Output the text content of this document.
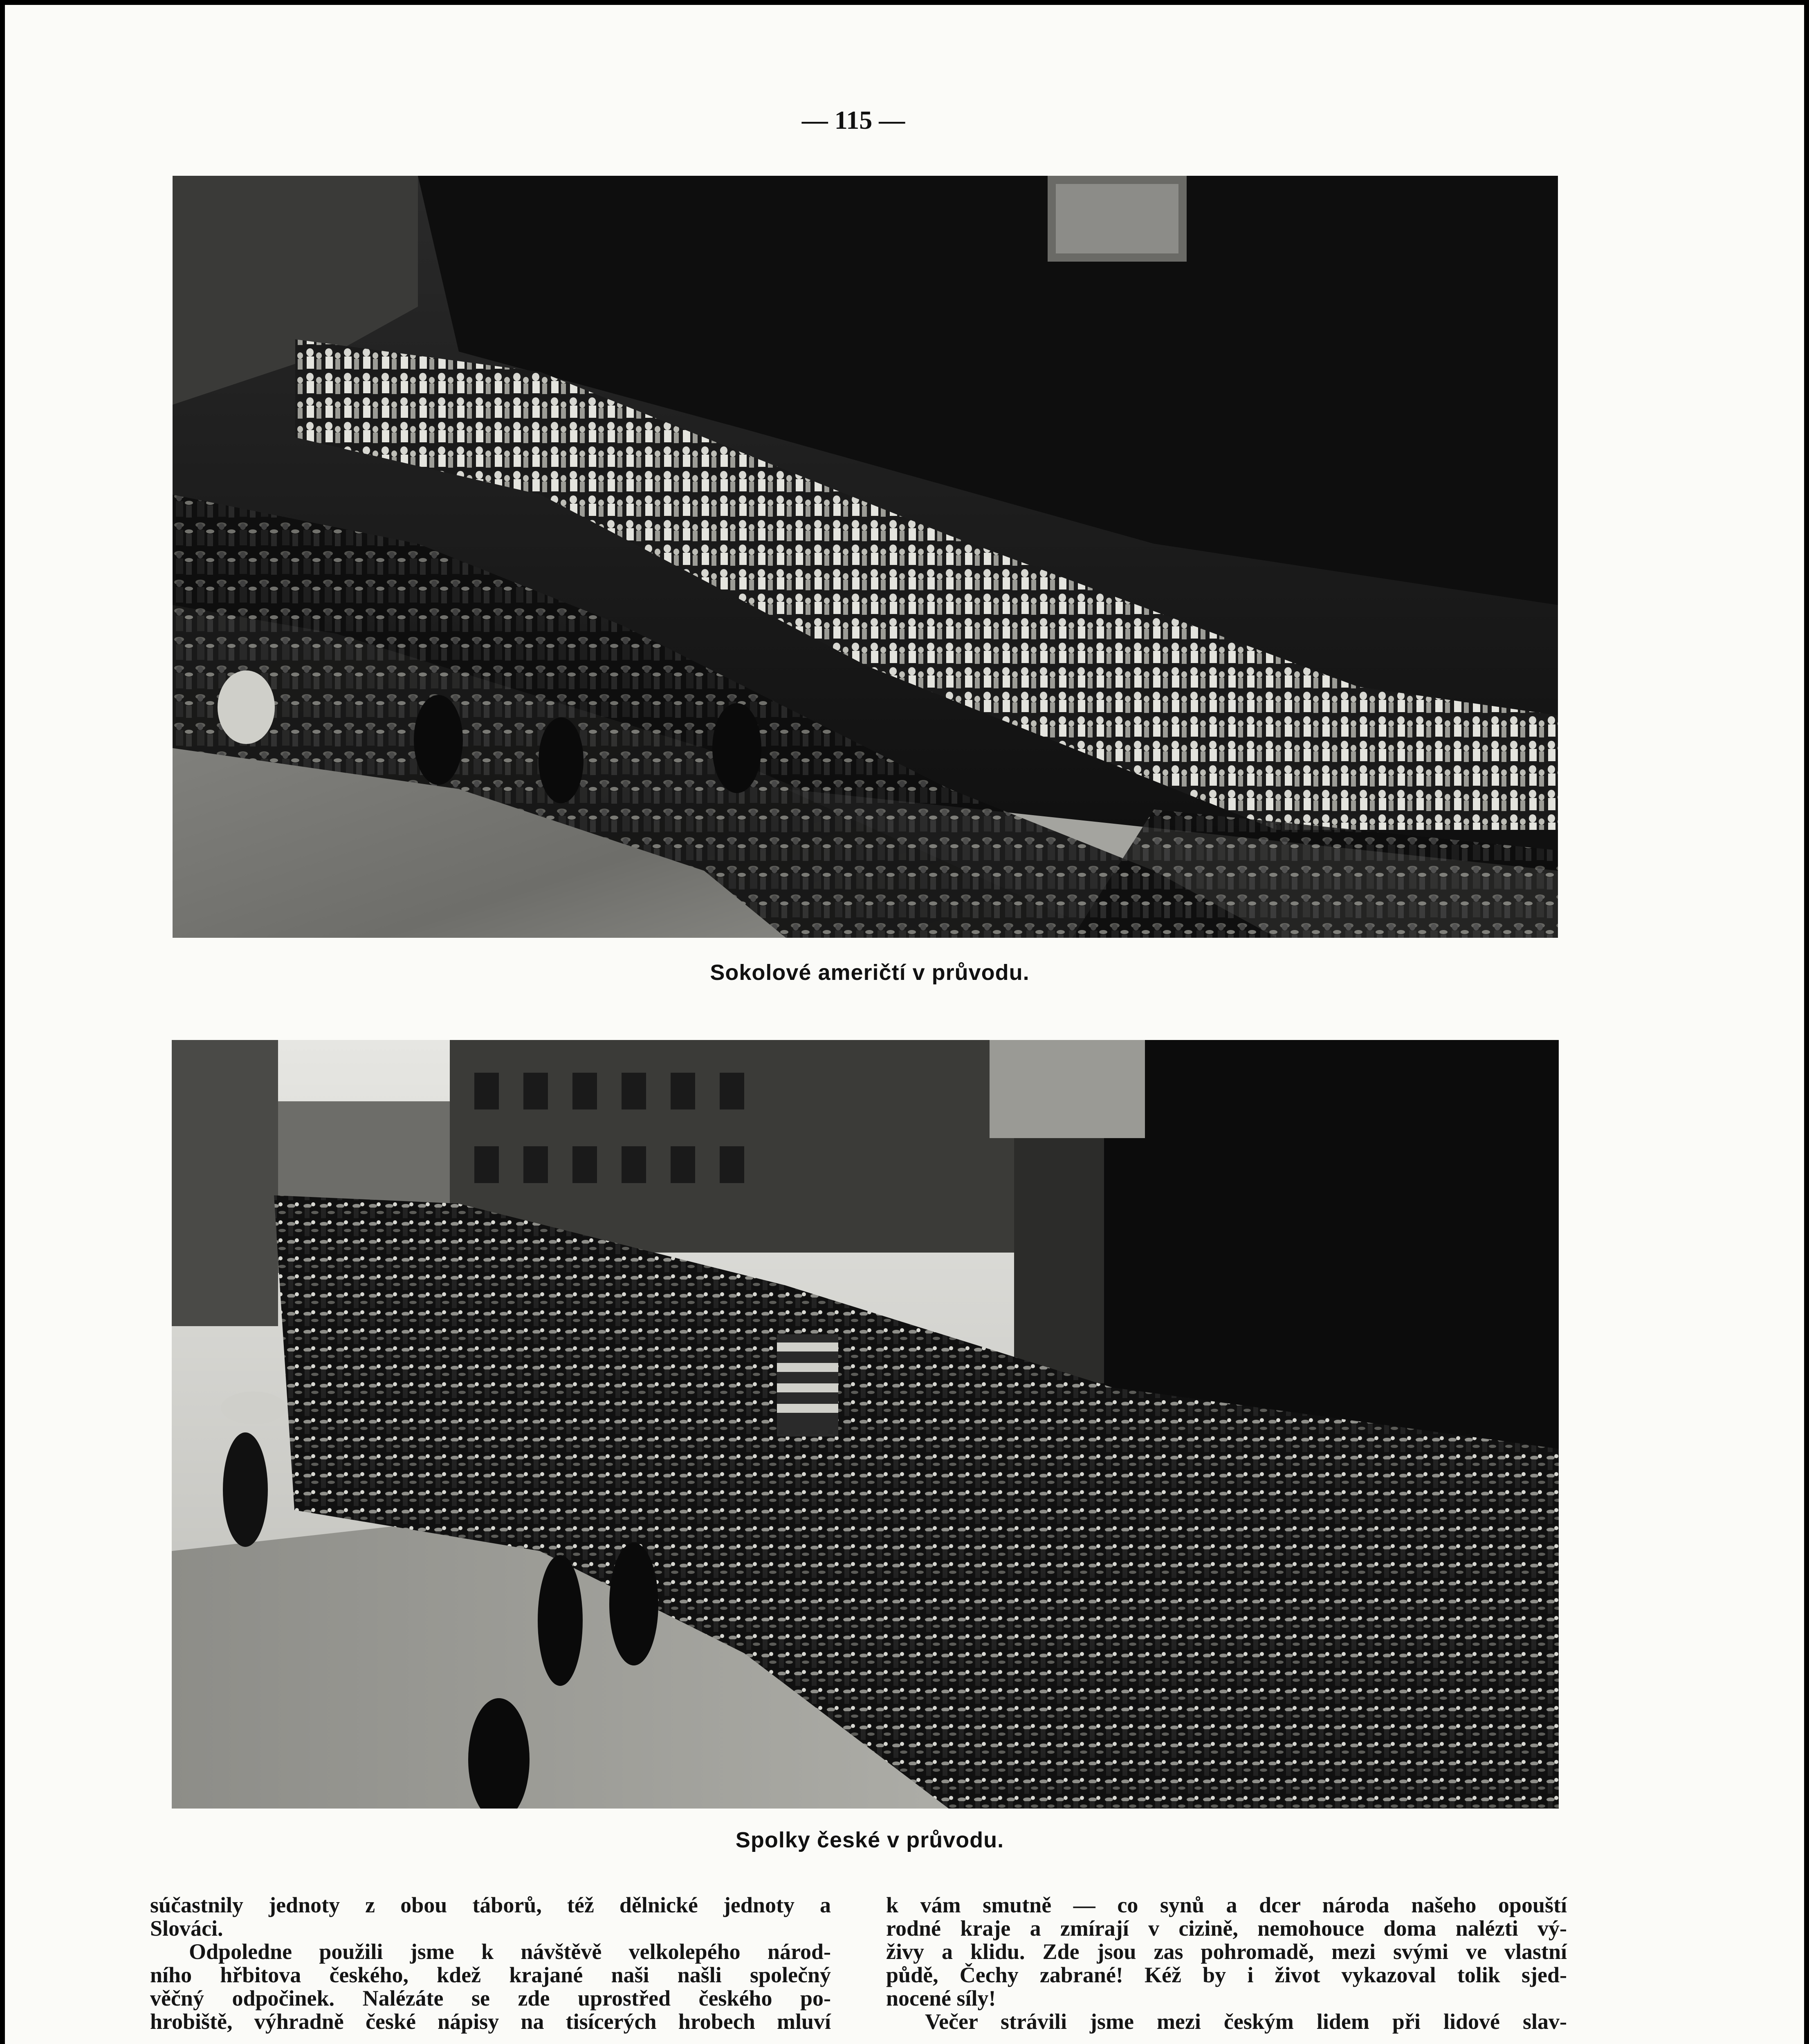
— 115 —
Sokolové američtí v průvodu.
Spolky české v průvodu.

súčastnily jednoty z obou táborů, též dělnické jednoty a
Slováci.

Odpoledne použili jsme k návštěvě velkolepého národ-
ního hřbitova českého, kdež krajané naši našli společný
věčný odpočinek. Nalézáte se zde uprostřed českého po-
hrobiště, výhradně české nápisy na tisícerých hrobech mluví

k vám smutně — co synů a dcer národa našeho opouští
rodné kraje a zmírají v cizině, nemohouce doma nalézti vý-
živy a klidu. Zde jsou zas pohromadě, mezi svými ve vlastní
půdě, Čechy zabrané! Kéž by i život vykazoval tolik sjed-
nocené síly!

Večer strávili jsme mezi českým lidem při lidové slav-
